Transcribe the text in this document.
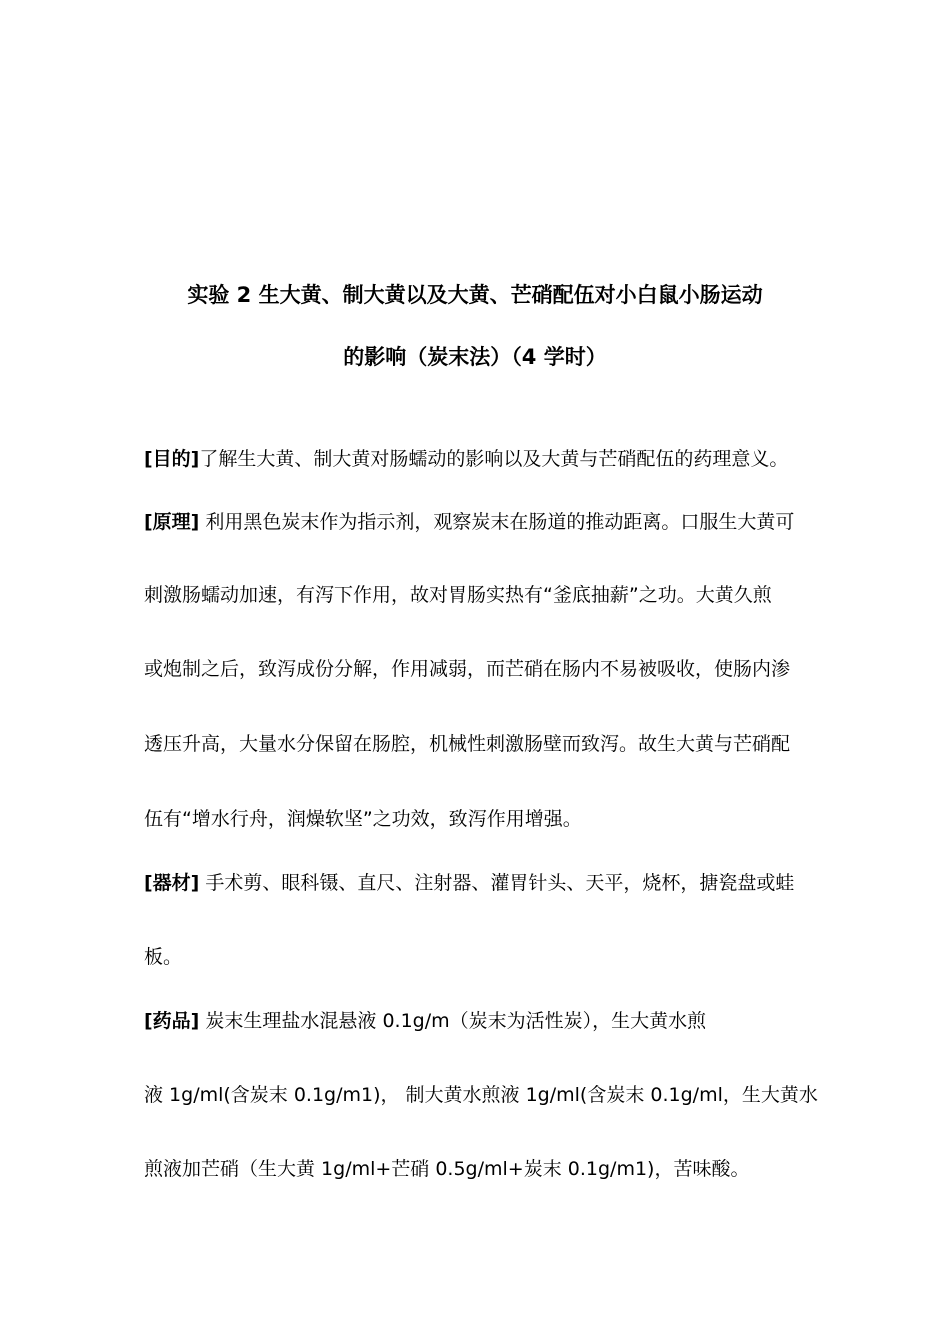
实验 2 生大黄、制大黄以及大黄、芒硝配伍对小白鼠小肠运动
的影响（炭末法）（4 学时）
[目的]了解生大黄、制大黄对肠蠕动的影响以及大黄与芒硝配伍的药理意义。
[原理] 利用黑色炭末作为指示剂，观察炭末在肠道的推动距离。口服生大黄可
刺激肠蠕动加速，有泻下作用，故对胃肠实热有“釜底抽薪”之功。大黄久煎
或炮制之后，致泻成份分解，作用减弱，而芒硝在肠内不易被吸收，使肠内渗
透压升高，大量水分保留在肠腔，机械性刺激肠壁而致泻。故生大黄与芒硝配
伍有“增水行舟，润燥软坚”之功效，致泻作用增强。
[器材] 手术剪、眼科镊、直尺、注射器、灌胃针头、天平，烧杯，搪瓷盘或蛙
板。
[药品] 炭末生理盐水混悬液 0.1g/m（炭末为活性炭），生大黄水煎
液 1g/ml(含炭末 0.1g/m1)， 制大黄水煎液 1g/ml(含炭末 0.1g/ml，生大黄水
煎液加芒硝（生大黄 1g/ml+芒硝 0.5g/ml+炭末 0.1g/m1)，苦味酸。
